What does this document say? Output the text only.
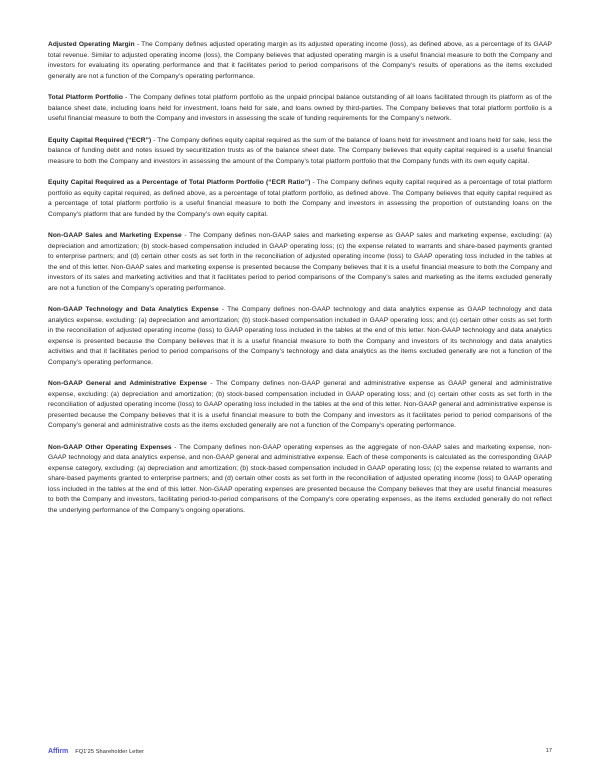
Adjusted Operating Margin - The Company defines adjusted operating margin as its adjusted operating income (loss), as defined above, as a percentage of its GAAP total revenue. Similar to adjusted operating income (loss), the Company believes that adjusted operating margin is a useful financial measure to both the Company and investors for evaluating its operating performance and that it facilitates period to period comparisons of the Company’s results of operations as the items excluded generally are not a function of the Company’s operating performance.

Total Platform Portfolio - The Company defines total platform portfolio as the unpaid principal balance outstanding of all loans facilitated through its platform as of the balance sheet date, including loans held for investment, loans held for sale, and loans owned by third-parties. The Company believes that total platform portfolio is a useful financial measure to both the Company and investors in assessing the scale of funding requirements for the Company’s network.

Equity Capital Required (“ECR”) - The Company defines equity capital required as the sum of the balance of loans held for investment and loans held for sale, less the balance of funding debt and notes issued by securitization trusts as of the balance sheet date. The Company believes that equity capital required is a useful financial measure to both the Company and investors in assessing the amount of the Company’s total platform portfolio that the Company funds with its own equity capital.

Equity Capital Required as a Percentage of Total Platform Portfolio (“ECR Ratio”) - The Company defines equity capital required as a percentage of total platform portfolio as equity capital required, as defined above, as a percentage of total platform portfolio, as defined above. The Company believes that equity capital required as a percentage of total platform portfolio is a useful financial measure to both the Company and investors in assessing the proportion of outstanding loans on the Company’s platform that are funded by the Company’s own equity capital.

Non-GAAP Sales and Marketing Expense - The Company defines non-GAAP sales and marketing expense as GAAP sales and marketing expense, excluding: (a) depreciation and amortization; (b) stock-based compensation included in GAAP operating loss; (c) the expense related to warrants and share-based payments granted to enterprise partners; and (d) certain other costs as set forth in the reconciliation of adjusted operating income (loss) to GAAP operating loss included in the tables at the end of this letter. Non-GAAP sales and marketing expense is presented because the Company believes that it is a useful financial measure to both the Company and investors of its sales and marketing activities and that it facilitates period to period comparisons of the Company’s sales and marketing as the items excluded generally are not a function of the Company’s operating performance.

Non-GAAP Technology and Data Analytics Expense - The Company defines non-GAAP technology and data analytics expense as GAAP technology and data analytics expense, excluding: (a) depreciation and amortization; (b) stock-based compensation included in GAAP operating loss; and (c) certain other costs as set forth in the reconciliation of adjusted operating income (loss) to GAAP operating loss included in the tables at the end of this letter. Non-GAAP technology and data analytics expense is presented because the Company believes that it is a useful financial measure to both the Company and investors of its technology and data analytics activities and that it facilitates period to period comparisons of the Company’s technology and data analytics as the items excluded generally are not a function of the Company’s operating performance.

Non-GAAP General and Administrative Expense - The Company defines non-GAAP general and administrative expense as GAAP general and administrative expense, excluding: (a) depreciation and amortization; (b) stock-based compensation included in GAAP operating loss; and (c) certain other costs as set forth in the reconciliation of adjusted operating income (loss) to GAAP operating loss included in the tables at the end of this letter. Non-GAAP general and administrative expense is presented because the Company believes that it is a useful financial measure to both the Company and investors as it facilitates period to period comparisons of the Company’s general and administrative costs as the items excluded generally are not a function of the Company’s operating performance.

Non-GAAP Other Operating Expenses - The Company defines non-GAAP operating expenses as the aggregate of non-GAAP sales and marketing expense, non-GAAP technology and data analytics expense, and non-GAAP general and administrative expense. Each of these components is calculated as the corresponding GAAP expense category, excluding: (a) depreciation and amortization; (b) stock-based compensation included in GAAP operating loss; (c) the expense related to warrants and share-based payments granted to enterprise partners; and (d) certain other costs as set forth in the reconciliation of adjusted operating income (loss) to GAAP operating loss included in the tables at the end of this letter. Non-GAAP operating expenses are presented because the Company believes that they are useful financial measures to both the Company and investors, facilitating period-to-period comparisons of the Company’s core operating expenses, as the items excluded generally do not reflect the underlying performance of the Company’s ongoing operations.

Affirm FQ1'25 Shareholder Letter	17
